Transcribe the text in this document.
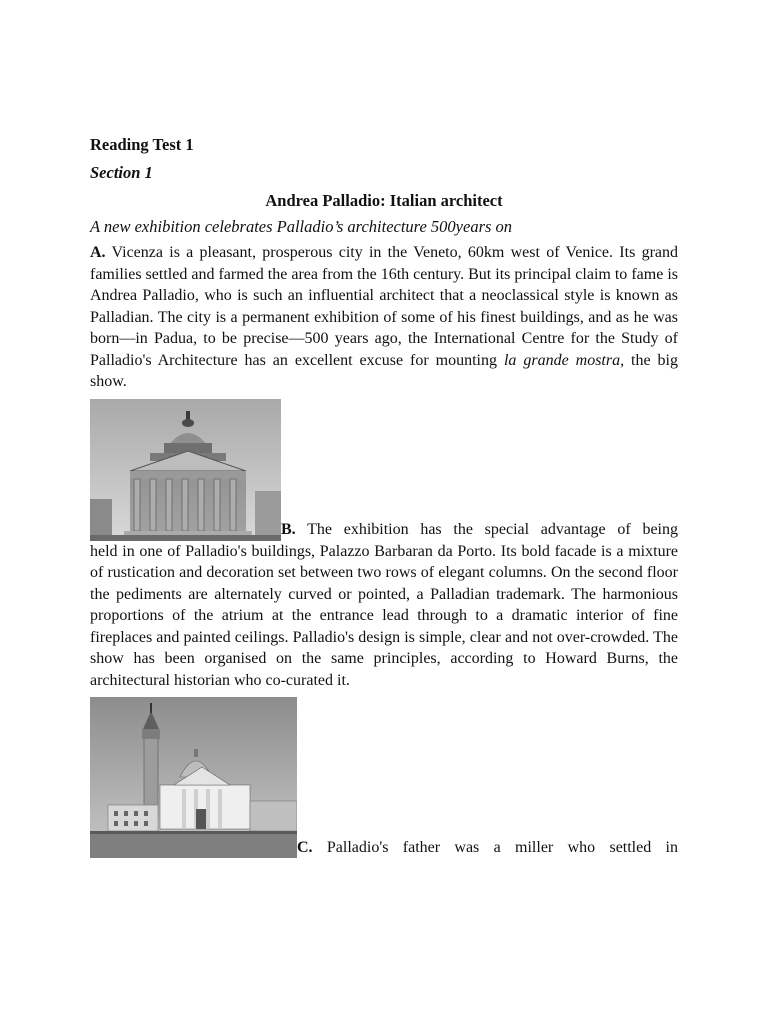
Reading Test 1
Section 1
Andrea Palladio: Italian architect
A new exhibition celebrates Palladio’s architecture 500years on

A. Vicenza is a pleasant, prosperous city in the Veneto, 60km west of Venice. Its grand families settled and farmed the area from the 16th century. But its principal claim to fame is Andrea Palladio, who is such an influential architect that a neoclassical style is known as Palladian. The city is a permanent exhibition of some of his finest buildings, and as he was born—in Padua, to be precise—500 years ago, the International Centre for the Study of Palladio's Architecture has an excellent excuse for mounting la grande mostra, the big show.

B. The exhibition has the special advantage of being

held in one of Palladio's buildings, Palazzo Barbaran da Porto. Its bold facade is a mixture of rustication and decoration set between two rows of elegant columns. On the second floor the pediments are alternately curved or pointed, a Palladian trademark. The harmonious proportions of the atrium at the entrance lead through to a dramatic interior of fine fireplaces and painted ceilings. Palladio's design is simple, clear and not over-crowded. The show has been organised on the same principles, according to Howard Burns, the architectural historian who co-curated it.

C. Palladio's father was a miller who settled in
